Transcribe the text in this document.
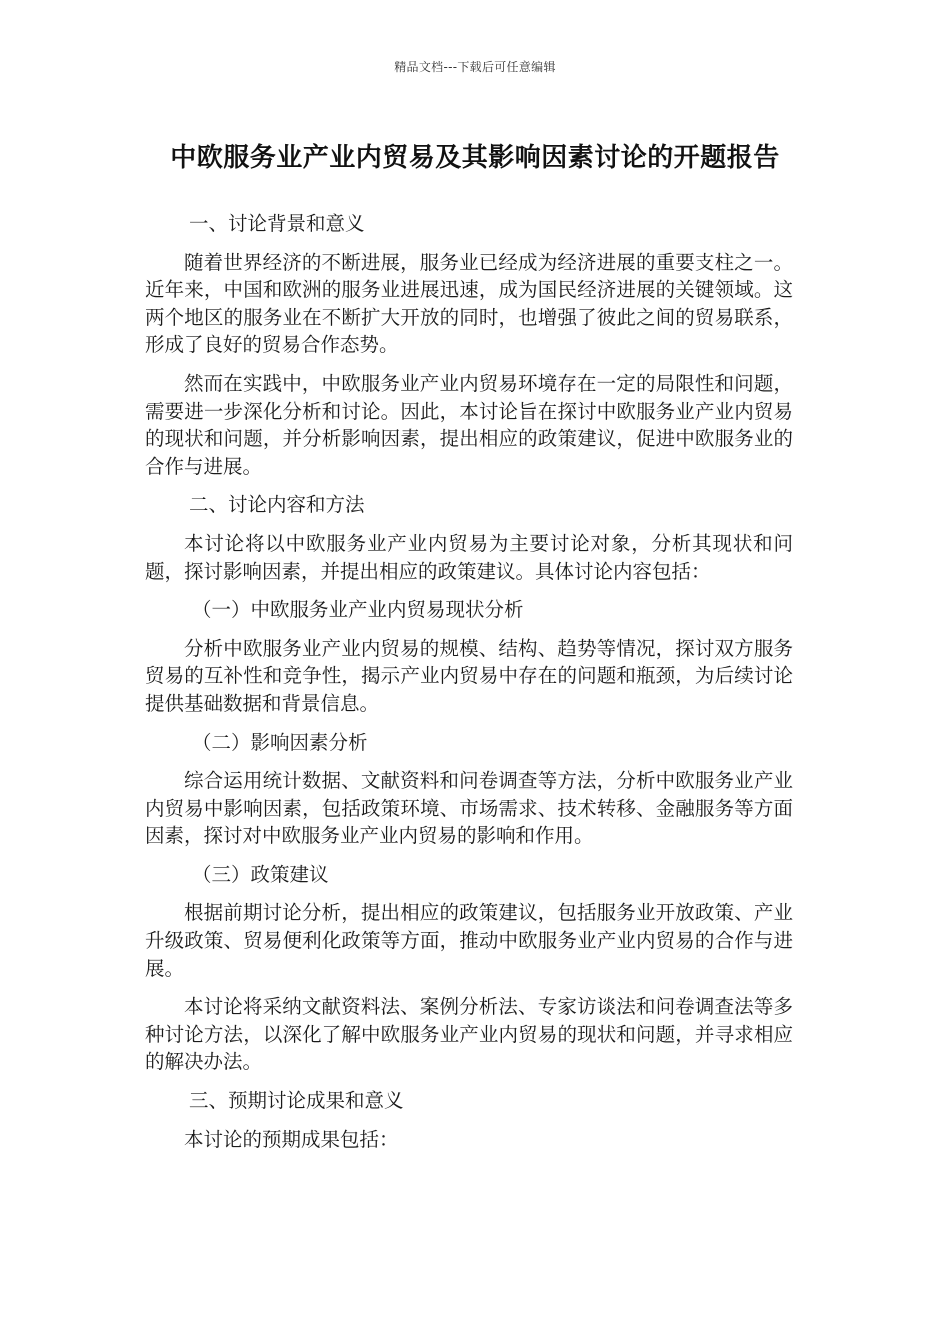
精品文档---下载后可任意编辑
中欧服务业产业内贸易及其影响因素讨论的开题报告
一、讨论背景和意义

随着世界经济的不断进展，服务业已经成为经济进展的重要支柱之一。近年来，中国和欧洲的服务业进展迅速，成为国民经济进展的关键领域。这两个地区的服务业在不断扩大开放的同时，也增强了彼此之间的贸易联系，形成了良好的贸易合作态势。

然而在实践中，中欧服务业产业内贸易环境存在一定的局限性和问题，需要进一步深化分析和讨论。因此，本讨论旨在探讨中欧服务业产业内贸易的现状和问题，并分析影响因素，提出相应的政策建议，促进中欧服务业的合作与进展。

二、讨论内容和方法

本讨论将以中欧服务业产业内贸易为主要讨论对象，分析其现状和问题，探讨影响因素，并提出相应的政策建议。具体讨论内容包括：

（一）中欧服务业产业内贸易现状分析

分析中欧服务业产业内贸易的规模、结构、趋势等情况，探讨双方服务贸易的互补性和竞争性，揭示产业内贸易中存在的问题和瓶颈，为后续讨论提供基础数据和背景信息。

（二）影响因素分析

综合运用统计数据、文献资料和问卷调查等方法，分析中欧服务业产业内贸易中影响因素，包括政策环境、市场需求、技术转移、金融服务等方面因素，探讨对中欧服务业产业内贸易的影响和作用。

（三）政策建议

根据前期讨论分析，提出相应的政策建议，包括服务业开放政策、产业升级政策、贸易便利化政策等方面，推动中欧服务业产业内贸易的合作与进展。

本讨论将采纳文献资料法、案例分析法、专家访谈法和问卷调查法等多种讨论方法，以深化了解中欧服务业产业内贸易的现状和问题，并寻求相应的解决办法。

三、预期讨论成果和意义

本讨论的预期成果包括：
